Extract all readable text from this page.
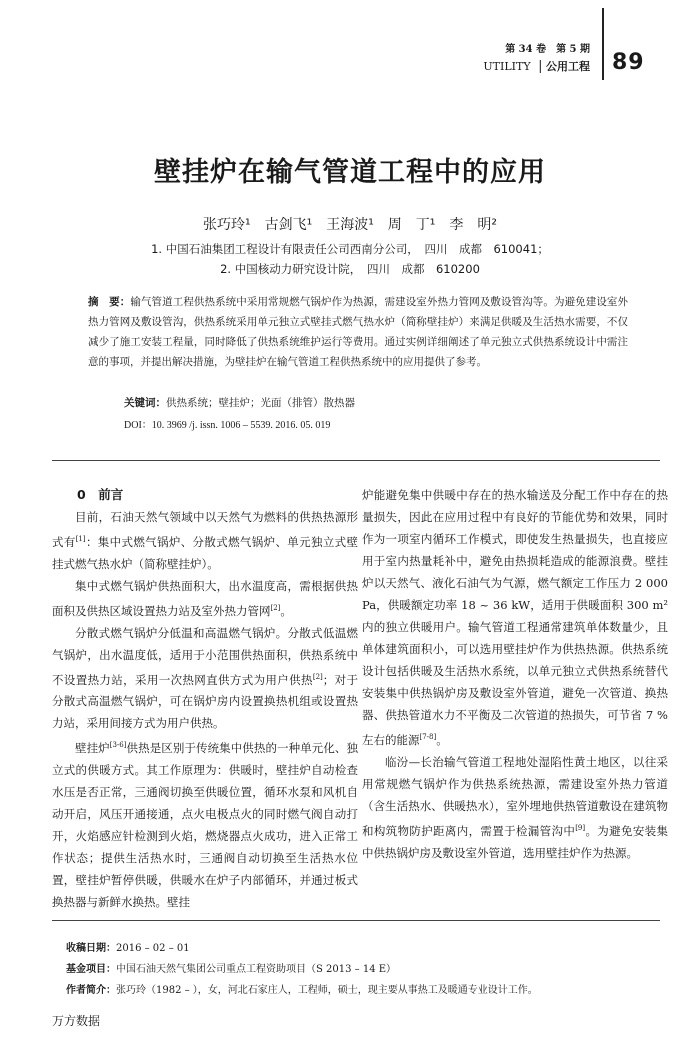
第 34 卷　第 5 期
UTILITY | 公用工程 89
壁挂炉在输气管道工程中的应用
张巧玲¹　古剑飞¹　王海波¹　周　丁¹　李　明²
1. 中国石油集团工程设计有限责任公司西南分公司，　四川　成都　610041；
2. 中国核动力研究设计院，　四川　成都　610200
摘　要：输气管道工程供热系统中采用常规燃气锅炉作为热源，需建设室外热力管网及敷设管沟等。为避免建设室外热力管网及敷设管沟，供热系统采用单元独立式壁挂式燃气热水炉（简称壁挂炉）来满足供暖及生活热水需要，不仅减少了施工安装工程量，同时降低了供热系统维护运行等费用。通过实例详细阐述了单元独立式供热系统设计中需注意的事项，并提出解决措施，为壁挂炉在输气管道工程供热系统中的应用提供了参考。
关键词：供热系统；壁挂炉；光面（排管）散热器
DOI：10. 3969 /j. issn. 1006 – 5539. 2016. 05. 019

0　前言

目前，石油天然气领域中以天然气为燃料的供热热源形式有[1]：集中式燃气锅炉、分散式燃气锅炉、单元独立式壁挂式燃气热水炉（简称壁挂炉）。

集中式燃气锅炉供热面积大，出水温度高，需根据供热面积及供热区域设置热力站及室外热力管网[2]。

分散式燃气锅炉分低温和高温燃气锅炉。分散式低温燃气锅炉，出水温度低，适用于小范围供热面积，供热系统中不设置热力站，采用一次热网直供方式为用户供热[2]；对于分散式高温燃气锅炉，可在锅炉房内设置换热机组或设置热力站，采用间接方式为用户供热。

壁挂炉[3-6]供热是区别于传统集中供热的一种单元化、独立式的供暖方式。其工作原理为：供暖时，壁挂炉自动检查水压是否正常，三通阀切换至供暖位置，循环水泵和风机自动开启，风压开通接通，点火电极点火的同时燃气阀自动打开，火焰感应针检测到火焰，燃烧器点火成功，进入正常工作状态；提供生活热水时，三通阀自动切换至生活热水位置，壁挂炉暂停供暖，供暖水在炉子内部循环，并通过板式换热器与新鲜水换热。壁挂

炉能避免集中供暖中存在的热水输送及分配工作中存在的热量损失，因此在应用过程中有良好的节能优势和效果，同时作为一项室内循环工作模式，即使发生热量损失，也直接应用于室内热量耗补中，避免由热损耗造成的能源浪费。壁挂炉以天然气、液化石油气为气源，燃气额定工作压力 2 000 Pa，供暖额定功率 18 ~ 36 kW，适用于供暖面积 300 m² 内的独立供暖用户。输气管道工程通常建筑单体数量少，且单体建筑面积小，可以选用壁挂炉作为供热热源。供热系统设计包括供暖及生活热水系统，以单元独立式供热系统替代安装集中供热锅炉房及敷设室外管道，避免一次管道、换热器、供热管道水力不平衡及二次管道的热损失，可节省 7 %左右的能源[7-8]。

临汾—长治输气管道工程地处湿陷性黄土地区，以往采用常规燃气锅炉作为供热系统热源，需建设室外热力管道（含生活热水、供暖热水），室外埋地供热管道敷设在建筑物和构筑物防护距离内，需置于检漏管沟中[9]。为避免安装集中供热锅炉房及敷设室外管道，选用壁挂炉作为热源。

收稿日期：2016 – 02 – 01
基金项目：中国石油天然气集团公司重点工程资助项目（S 2013 – 14 E）
作者简介：张巧玲（1982 – ），女，河北石家庄人，工程师，硕士，现主要从事热工及暖通专业设计工作。
万方数据
